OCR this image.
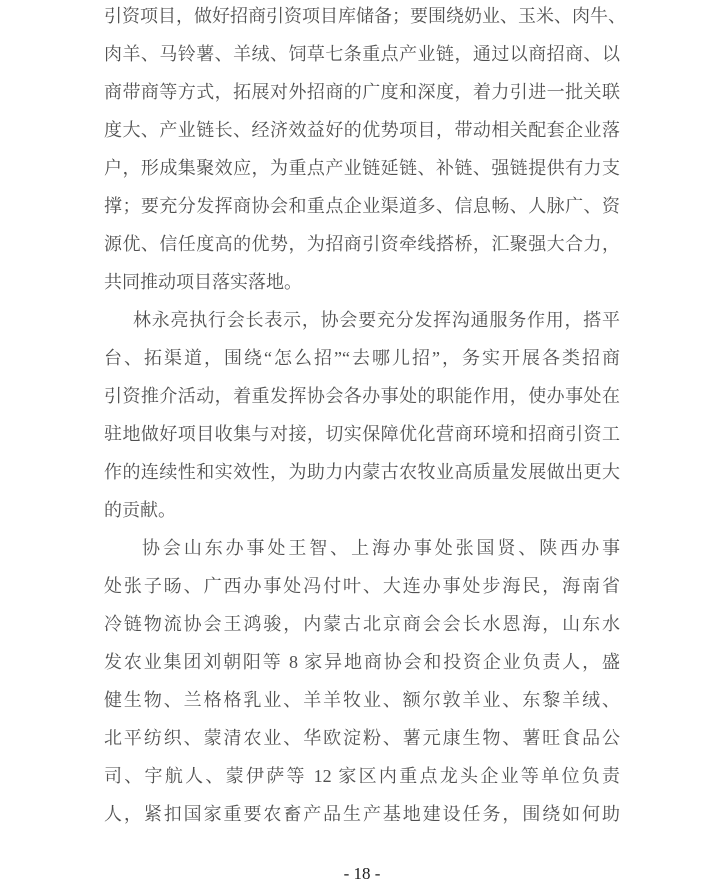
引资项目，做好招商引资项目库储备；要围绕奶业、玉米、肉牛、
肉羊、马铃薯、羊绒、饲草七条重点产业链，通过以商招商、以
商带商等方式，拓展对外招商的广度和深度，着力引进一批关联
度大、产业链长、经济效益好的优势项目，带动相关配套企业落
户，形成集聚效应，为重点产业链延链、补链、强链提供有力支
撑；要充分发挥商协会和重点企业渠道多、信息畅、人脉广、资
源优、信任度高的优势，为招商引资牵线搭桥，汇聚强大合力，
共同推动项目落实落地。
林永亮执行会长表示，协会要充分发挥沟通服务作用，搭平
台、拓渠道，围绕“怎么招”“去哪儿招”，务实开展各类招商
引资推介活动，着重发挥协会各办事处的职能作用，使办事处在
驻地做好项目收集与对接，切实保障优化营商环境和招商引资工
作的连续性和实效性，为助力内蒙古农牧业高质量发展做出更大
的贡献。
协会山东办事处王智、上海办事处张国贤、陕西办事
处张子旸、广西办事处冯付叶、大连办事处步海民，海南省
冷链物流协会王鸿骏，内蒙古北京商会会长水恩海，山东水
发农业集团刘朝阳等 8 家异地商协会和投资企业负责人，盛
健生物、兰格格乳业、羊羊牧业、额尔敦羊业、东黎羊绒、
北平纺织、蒙清农业、华欧淀粉、薯元康生物、薯旺食品公
司、宇航人、蒙伊萨等 12 家区内重点龙头企业等单位负责
人，紧扣国家重要农畜产品生产基地建设任务，围绕如何助
- 18 -
